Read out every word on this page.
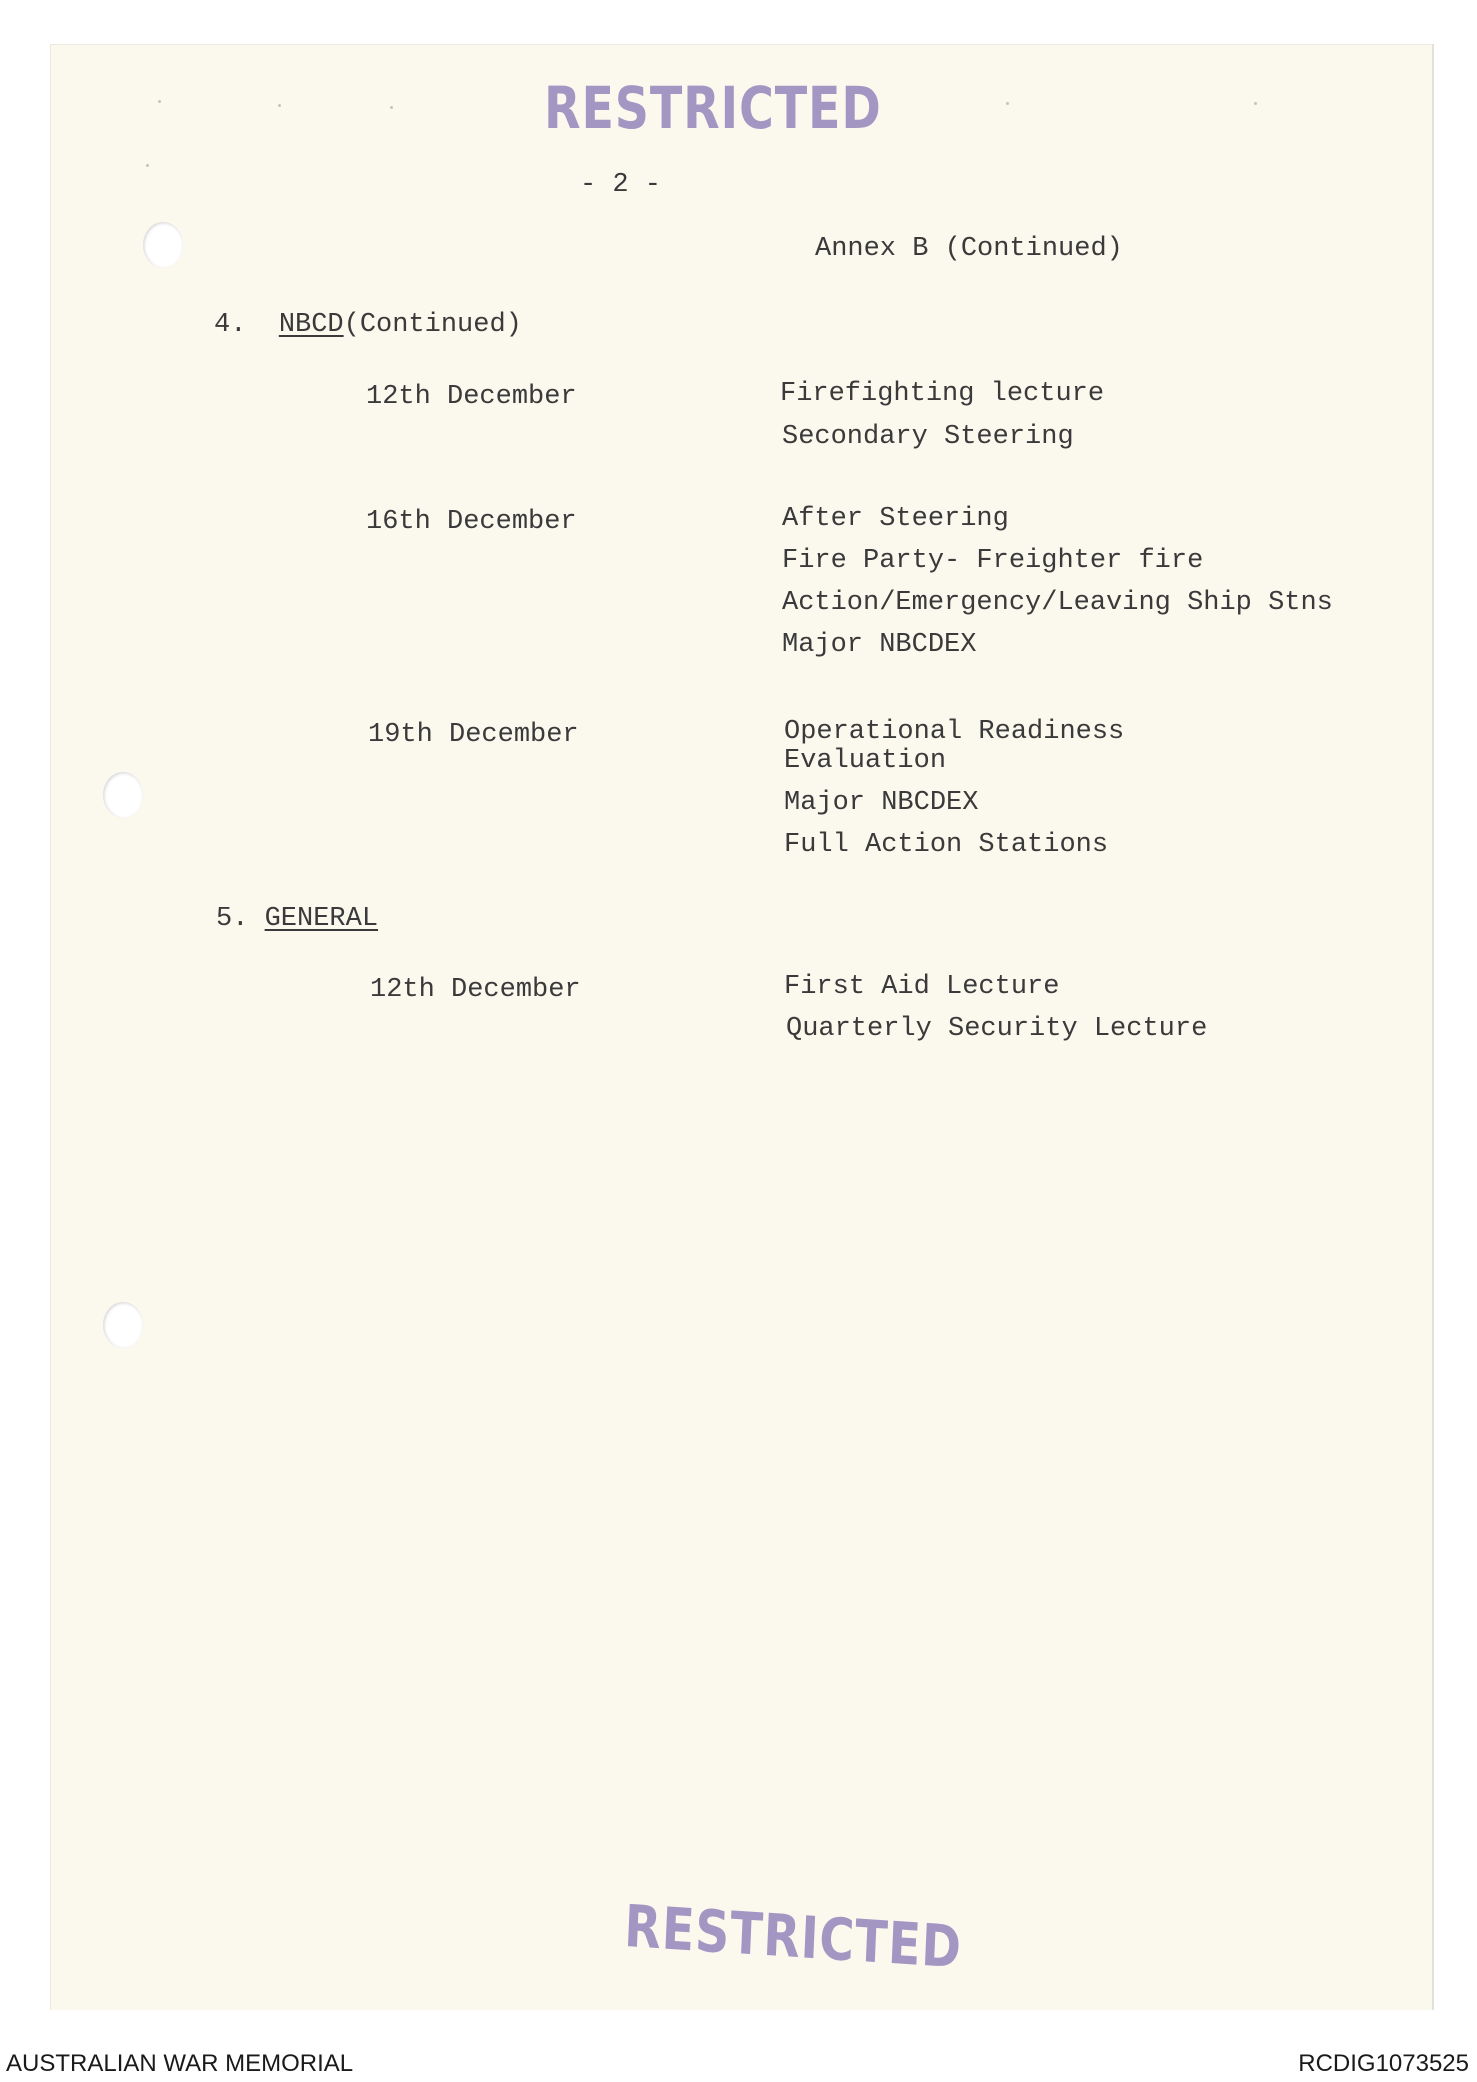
RESTRICTED
- 2 -
Annex B (Continued)
4. NBCD(Continued)
12th December	Firefighting lecture
Secondary Steering
16th December	After Steering
Fire Party- Freighter fire
Action/Emergency/Leaving Ship Stns
Major NBCDEX
19th December	Operational Readiness
Evaluation
Major NBCDEX
Full Action Stations
5. GENERAL
12th December	First Aid Lecture
Quarterly Security Lecture
RESTRICTED
AUSTRALIAN WAR MEMORIAL	RCDIG1073525
